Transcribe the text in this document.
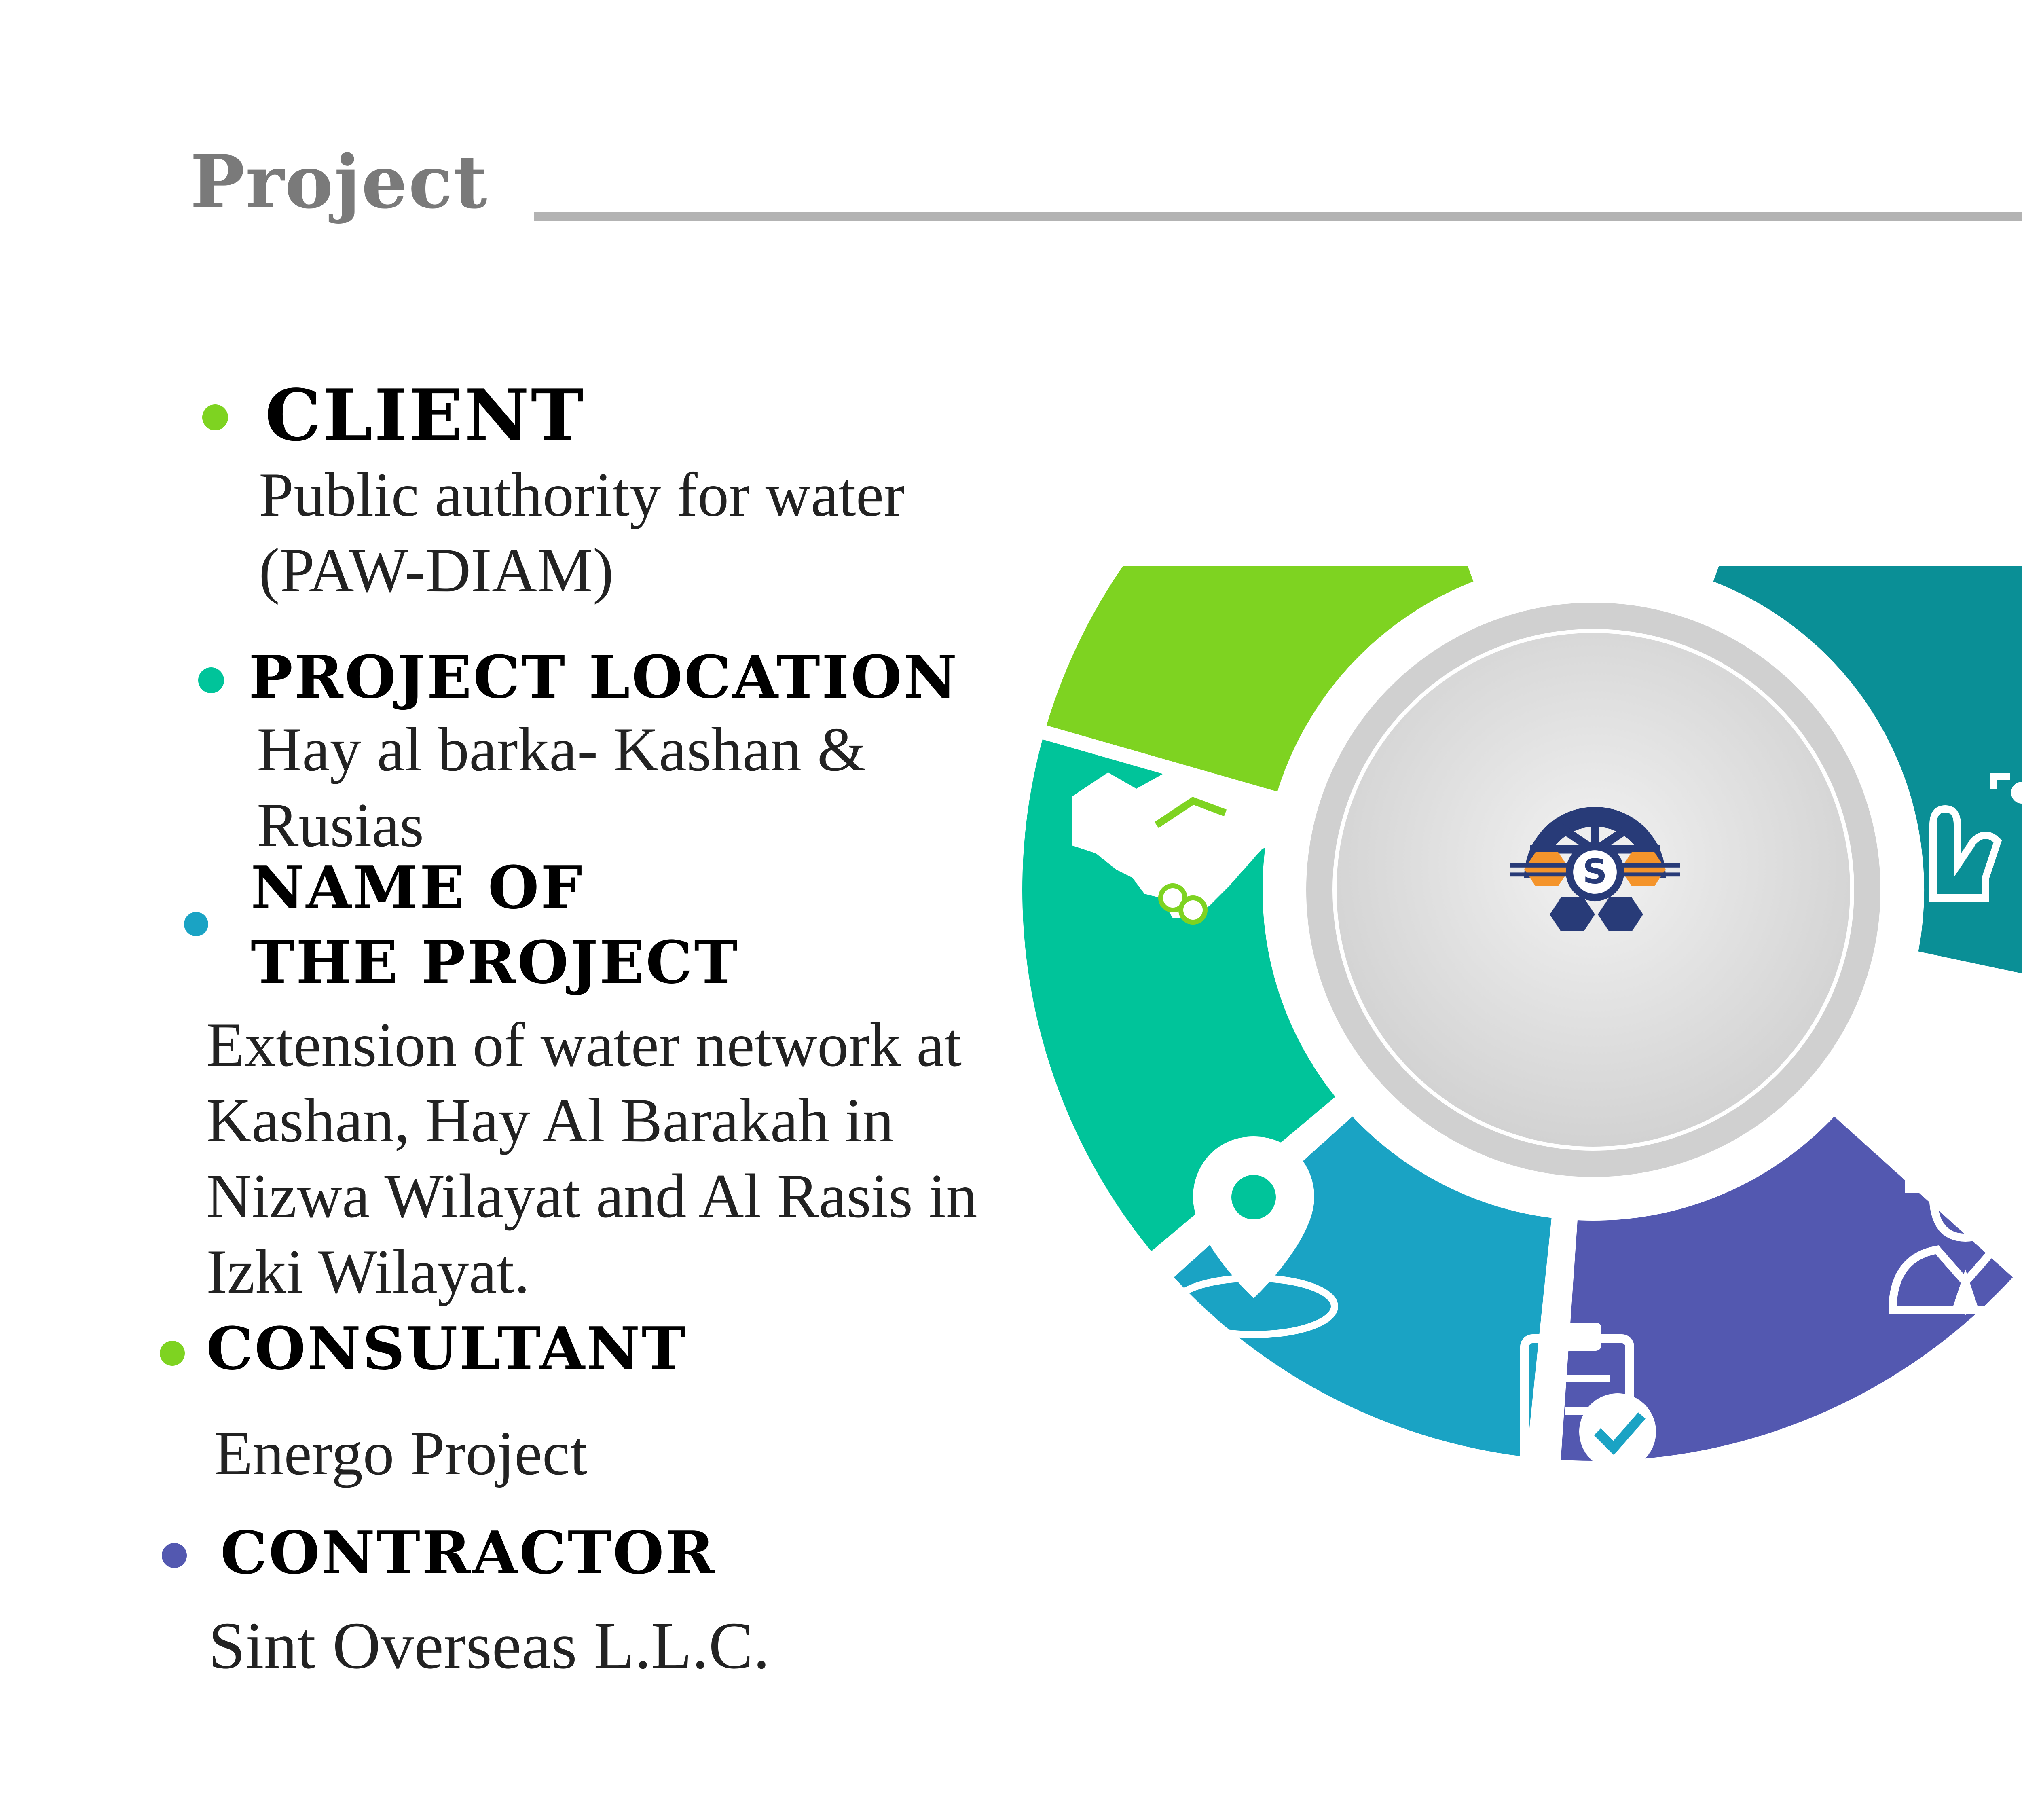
Project
CLIENT
Public authority for water (PAW-DIAM)
PROJECT LOCATION
Hay al barka- Kashan & Rusias
NAME OF
THE PROJECT
Extension of water network at Kashan, Hay Al Barakah in Nizwa Wilayat and Al Rasis in Izki Wilayat.
CONSULTANT
Energo Project
CONTRACTOR
Sint Overseas L.L.C.
S
